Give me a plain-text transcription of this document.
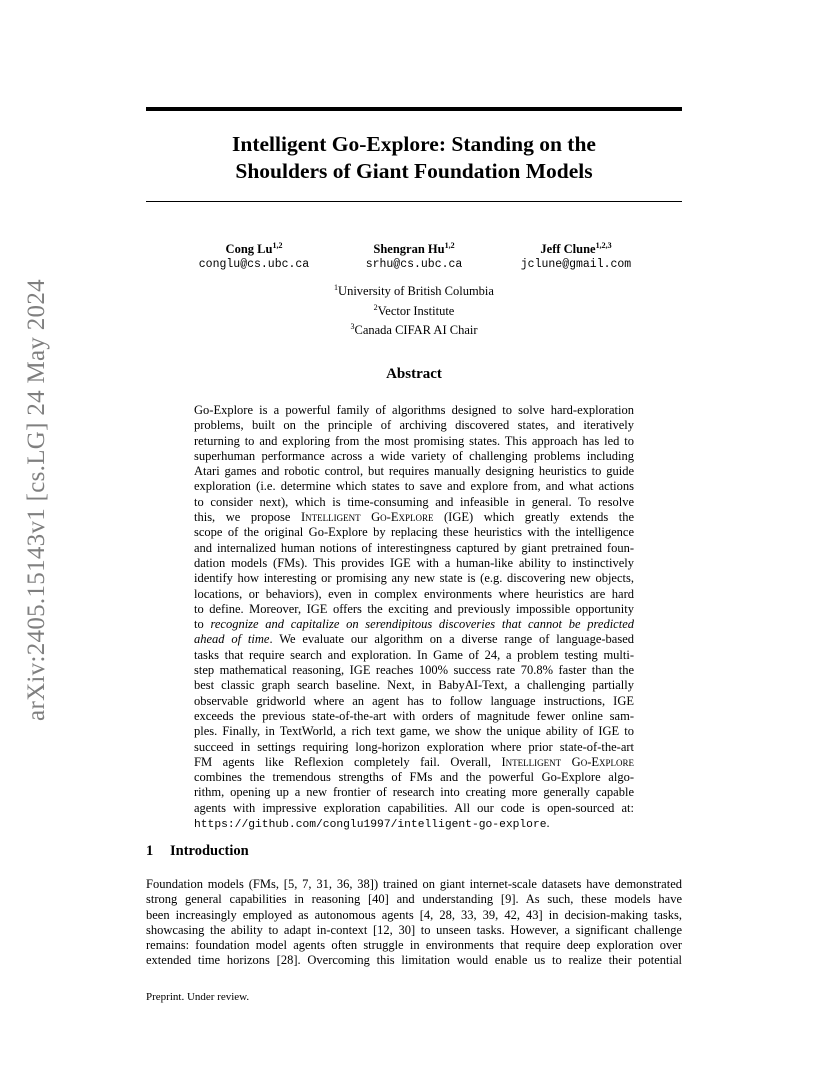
arXiv:2405.15143v1 [cs.LG] 24 May 2024
Intelligent Go-Explore: Standing on the
Shoulders of Giant Foundation Models
Cong Lu$^{1,2}$
conglu@cs.ubc.ca
Shengran Hu$^{1,2}$
srhu@cs.ubc.ca
Jeff Clune$^{1,2,3}$
jclune@gmail.com
$^1$University of British Columbia
$^2$Vector Institute
$^3$Canada CIFAR AI Chair
Abstract
Go-Explore is a powerful family of algorithms designed to solve hard-exploration
problems, built on the principle of archiving discovered states, and iteratively
returning to and exploring from the most promising states. This approach has led to
superhuman performance across a wide variety of challenging problems including
Atari games and robotic control, but requires manually designing heuristics to guide
exploration (i.e. determine which states to save and explore from, and what actions
to consider next), which is time-consuming and infeasible in general. To resolve
this, we propose Intelligent Go-Explore (IGE) which greatly extends the
scope of the original Go-Explore by replacing these heuristics with the intelligence
and internalized human notions of interestingness captured by giant pretrained foun-
dation models (FMs). This provides IGE with a human-like ability to instinctively
identify how interesting or promising any new state is (e.g. discovering new objects,
locations, or behaviors), even in complex environments where heuristics are hard
to define. Moreover, IGE offers the exciting and previously impossible opportunity
to recognize and capitalize on serendipitous discoveries that cannot be predicted
ahead of time. We evaluate our algorithm on a diverse range of language-based
tasks that require search and exploration. In Game of 24, a problem testing multi-
step mathematical reasoning, IGE reaches 100% success rate 70.8% faster than the
best classic graph search baseline. Next, in BabyAI-Text, a challenging partially
observable gridworld where an agent has to follow language instructions, IGE
exceeds the previous state-of-the-art with orders of magnitude fewer online sam-
ples. Finally, in TextWorld, a rich text game, we show the unique ability of IGE to
succeed in settings requiring long-horizon exploration where prior state-of-the-art
FM agents like Reflexion completely fail. Overall, Intelligent Go-Explore
combines the tremendous strengths of FMs and the powerful Go-Explore algo-
rithm, opening up a new frontier of research into creating more generally capable
agents with impressive exploration capabilities. All our code is open-sourced at:
https://github.com/conglu1997/intelligent-go-explore.
1 Introduction
Foundation models (FMs, [5, 7, 31, 36, 38]) trained on giant internet-scale datasets have demonstrated
strong general capabilities in reasoning [40] and understanding [9]. As such, these models have
been increasingly employed as autonomous agents [4, 28, 33, 39, 42, 43] in decision-making tasks,
showcasing the ability to adapt in-context [12, 30] to unseen tasks. However, a significant challenge
remains: foundation model agents often struggle in environments that require deep exploration over
extended time horizons [28]. Overcoming this limitation would enable us to realize their potential
Preprint. Under review.
